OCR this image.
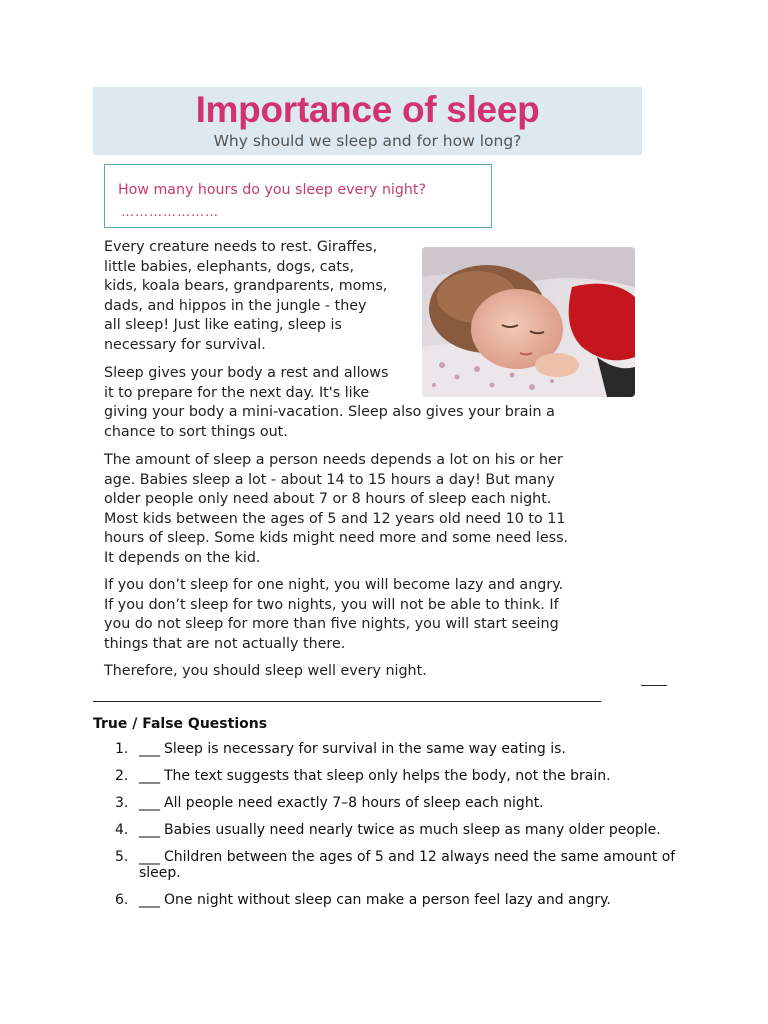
Importance of sleep
Why should we sleep and for how long?
How many hours do you sleep every night?
…………………
Every creature needs to rest. Giraffes,
little babies, elephants, dogs, cats,
kids, koala bears, grandparents, moms,
dads, and hippos in the jungle - they
all sleep! Just like eating, sleep is
necessary for survival.
Sleep gives your body a rest and allows
it to prepare for the next day. It's like
giving your body a mini-vacation. Sleep also gives your brain a
chance to sort things out.
The amount of sleep a person needs depends a lot on his or her
age. Babies sleep a lot - about 14 to 15 hours a day! But many
older people only need about 7 or 8 hours of sleep each night.
Most kids between the ages of 5 and 12 years old need 10 to 11
hours of sleep. Some kids might need more and some need less.
It depends on the kid.
If you don’t sleep for one night, you will become lazy and angry.
If you don’t sleep for two nights, you will not be able to think. If
you do not sleep for more than five nights, you will start seeing
things that are not actually there.
Therefore, you should sleep well every night.
____
True / False Questions
1. ___ Sleep is necessary for survival in the same way eating is.
2. ___ The text suggests that sleep only helps the body, not the brain.
3. ___ All people need exactly 7–8 hours of sleep each night.
4. ___ Babies usually need nearly twice as much sleep as many older people.
5. ___ Children between the ages of 5 and 12 always need the same amount of sleep.
6. ___ One night without sleep can make a person feel lazy and angry.
